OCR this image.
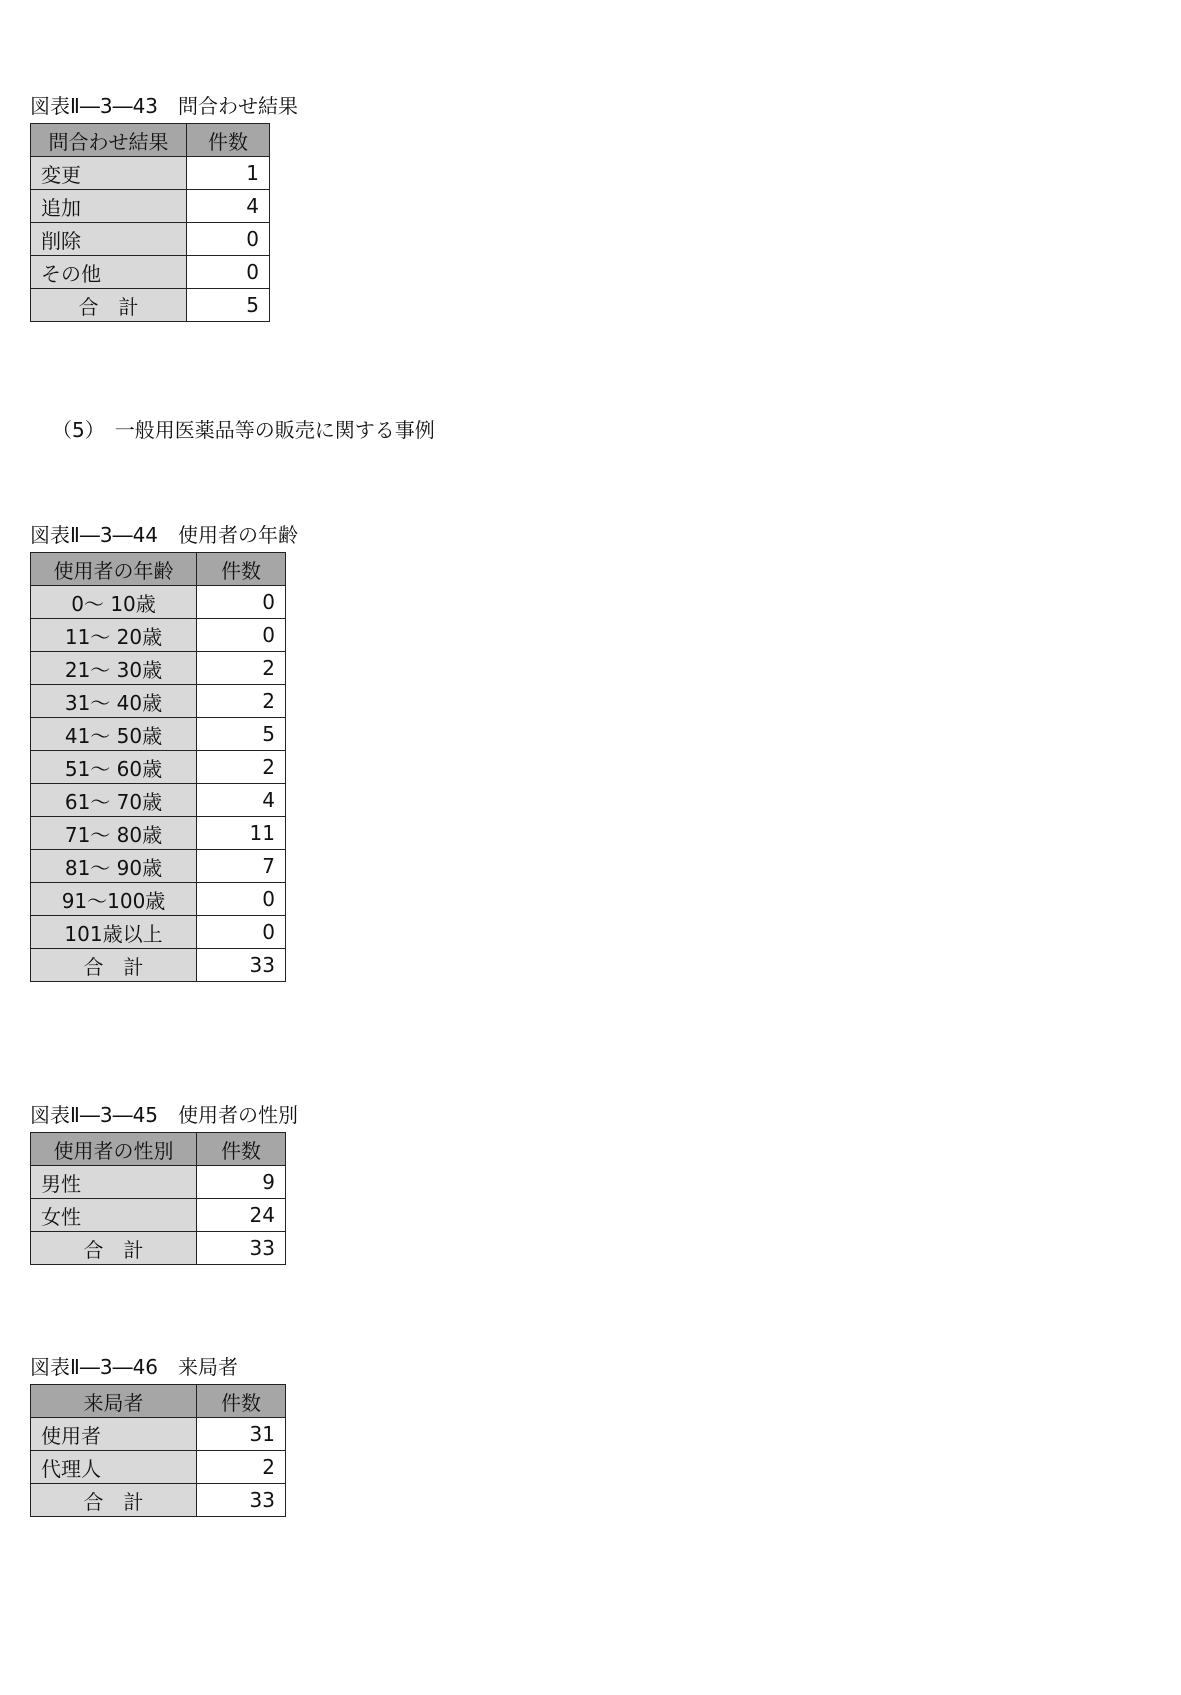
図表Ⅱ―3―43　問合わせ結果
問合わせ結果	件数
変更	1
追加	4
削除	0
その他	0
合　計	5
（5）　一般用医薬品等の販売に関する事例
図表Ⅱ―3―44　使用者の年齢
使用者の年齢	件数
0～ 10歳	0
11～ 20歳	0
21～ 30歳	2
31～ 40歳	2
41～ 50歳	5
51～ 60歳	2
61～ 70歳	4
71～ 80歳	11
81～ 90歳	7
91～100歳	0
101歳以上	0
合　計	33
図表Ⅱ―3―45　使用者の性別
使用者の性別	件数
男性	9
女性	24
合　計	33
図表Ⅱ―3―46　来局者
来局者	件数
使用者	31
代理人	2
合　計	33
